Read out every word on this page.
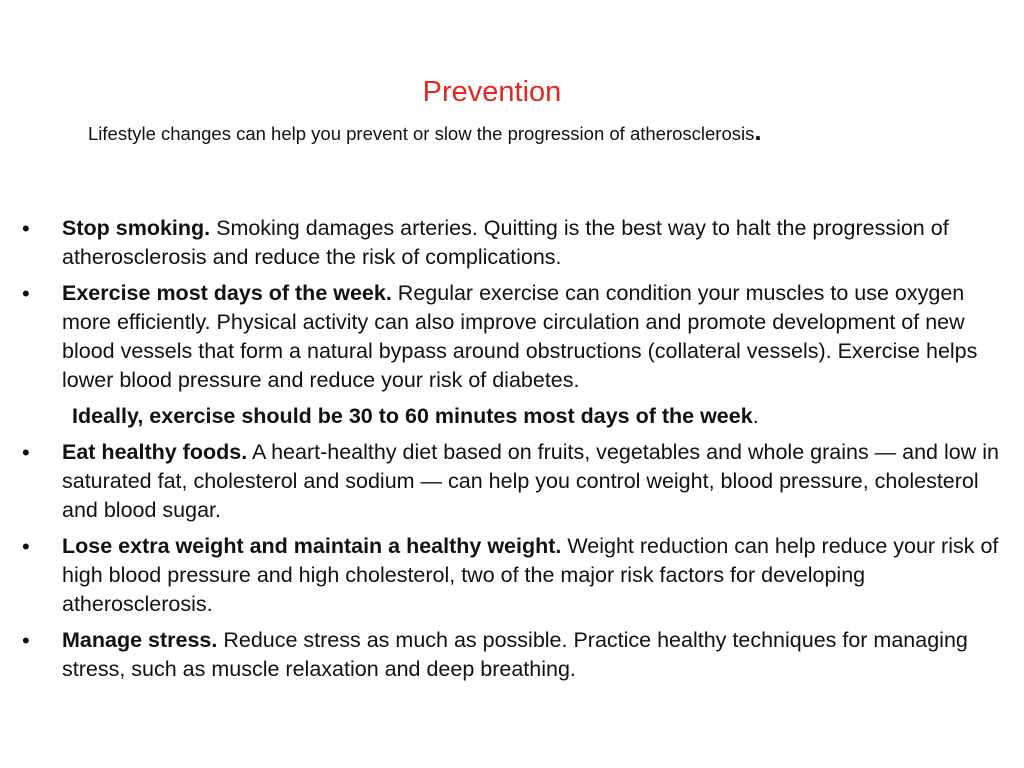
Prevention
Lifestyle changes can help you prevent or slow the progression of atherosclerosis.
• Stop smoking. Smoking damages arteries. Quitting is the best way to halt the progression of atherosclerosis and reduce the risk of complications.
• Exercise most days of the week. Regular exercise can condition your muscles to use oxygen more efficiently. Physical activity can also improve circulation and promote development of new blood vessels that form a natural bypass around obstructions (collateral vessels). Exercise helps lower blood pressure and reduce your risk of diabetes.
Ideally, exercise should be 30 to 60 minutes most days of the week.
• Eat healthy foods. A heart-healthy diet based on fruits, vegetables and whole grains — and low in saturated fat, cholesterol and sodium — can help you control weight, blood pressure, cholesterol and blood sugar.
• Lose extra weight and maintain a healthy weight. Weight reduction can help reduce your risk of high blood pressure and high cholesterol, two of the major risk factors for developing atherosclerosis.
• Manage stress. Reduce stress as much as possible. Practice healthy techniques for managing stress, such as muscle relaxation and deep breathing.
